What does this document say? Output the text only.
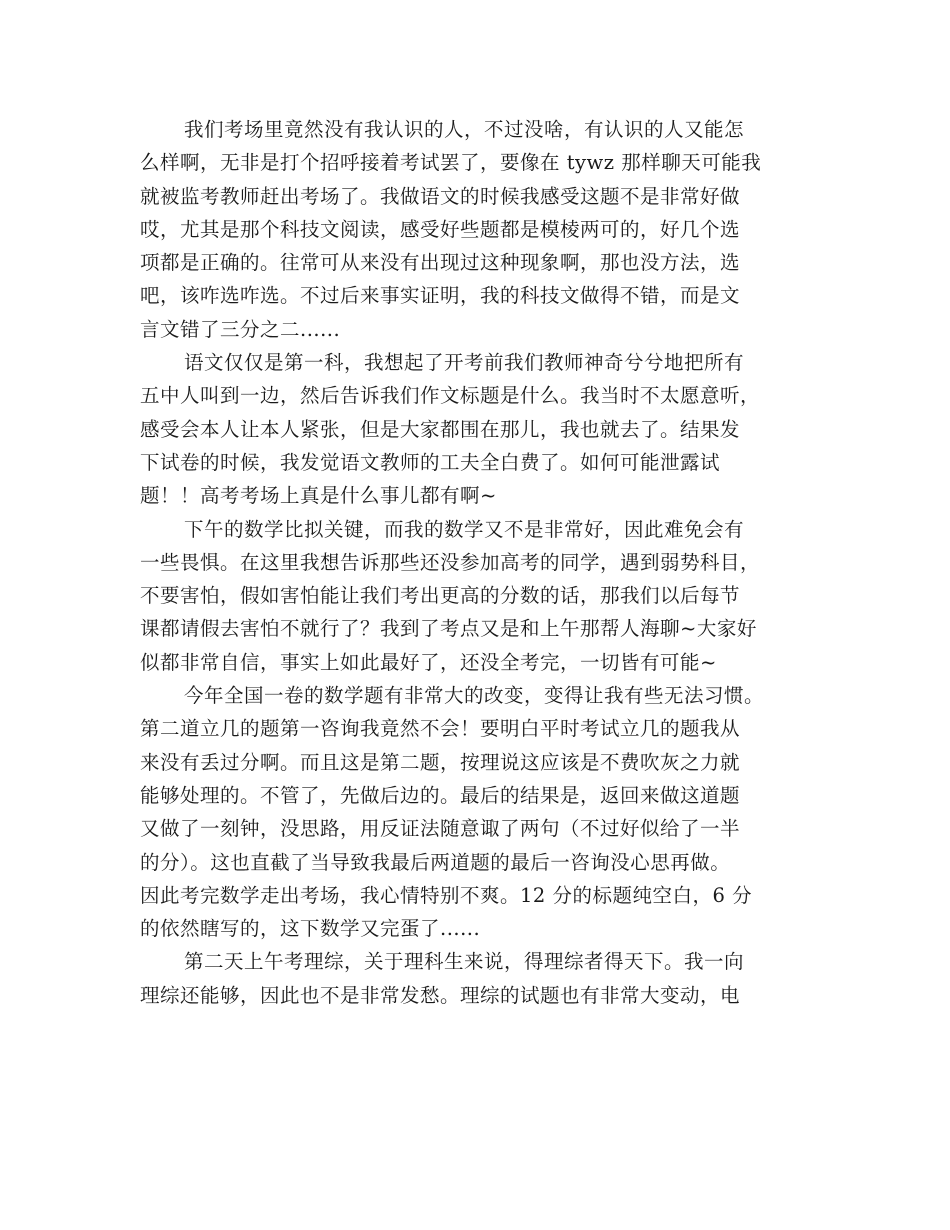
我们考场里竟然没有我认识的人，不过没啥，有认识的人又能怎
么样啊，无非是打个招呼接着考试罢了，要像在 tywz 那样聊天可能我
就被监考教师赶出考场了。我做语文的时候我感受这题不是非常好做
哎，尤其是那个科技文阅读，感受好些题都是模棱两可的，好几个选
项都是正确的。往常可从来没有出现过这种现象啊，那也没方法，选
吧，该咋选咋选。不过后来事实证明，我的科技文做得不错，而是文
言文错了三分之二......
语文仅仅是第一科，我想起了开考前我们教师神奇兮兮地把所有
五中人叫到一边，然后告诉我们作文标题是什么。我当时不太愿意听，
感受会本人让本人紧张，但是大家都围在那儿，我也就去了。结果发
下试卷的时候，我发觉语文教师的工夫全白费了。如何可能泄露试
题！！高考考场上真是什么事儿都有啊~
下午的数学比拟关键，而我的数学又不是非常好，因此难免会有
一些畏惧。在这里我想告诉那些还没参加高考的同学，遇到弱势科目，
不要害怕，假如害怕能让我们考出更高的分数的话，那我们以后每节
课都请假去害怕不就行了？我到了考点又是和上午那帮人海聊~大家好
似都非常自信，事实上如此最好了，还没全考完，一切皆有可能~
今年全国一卷的数学题有非常大的改变，变得让我有些无法习惯。
第二道立几的题第一咨询我竟然不会！要明白平时考试立几的题我从
来没有丢过分啊。而且这是第二题，按理说这应该是不费吹灰之力就
能够处理的。不管了，先做后边的。最后的结果是，返回来做这道题
又做了一刻钟，没思路，用反证法随意诹了两句（不过好似给了一半
的分）。这也直截了当导致我最后两道题的最后一咨询没心思再做。
因此考完数学走出考场，我心情特别不爽。12 分的标题纯空白，6 分
的依然瞎写的，这下数学又完蛋了......
第二天上午考理综，关于理科生来说，得理综者得天下。我一向
理综还能够，因此也不是非常发愁。理综的试题也有非常大变动，电
